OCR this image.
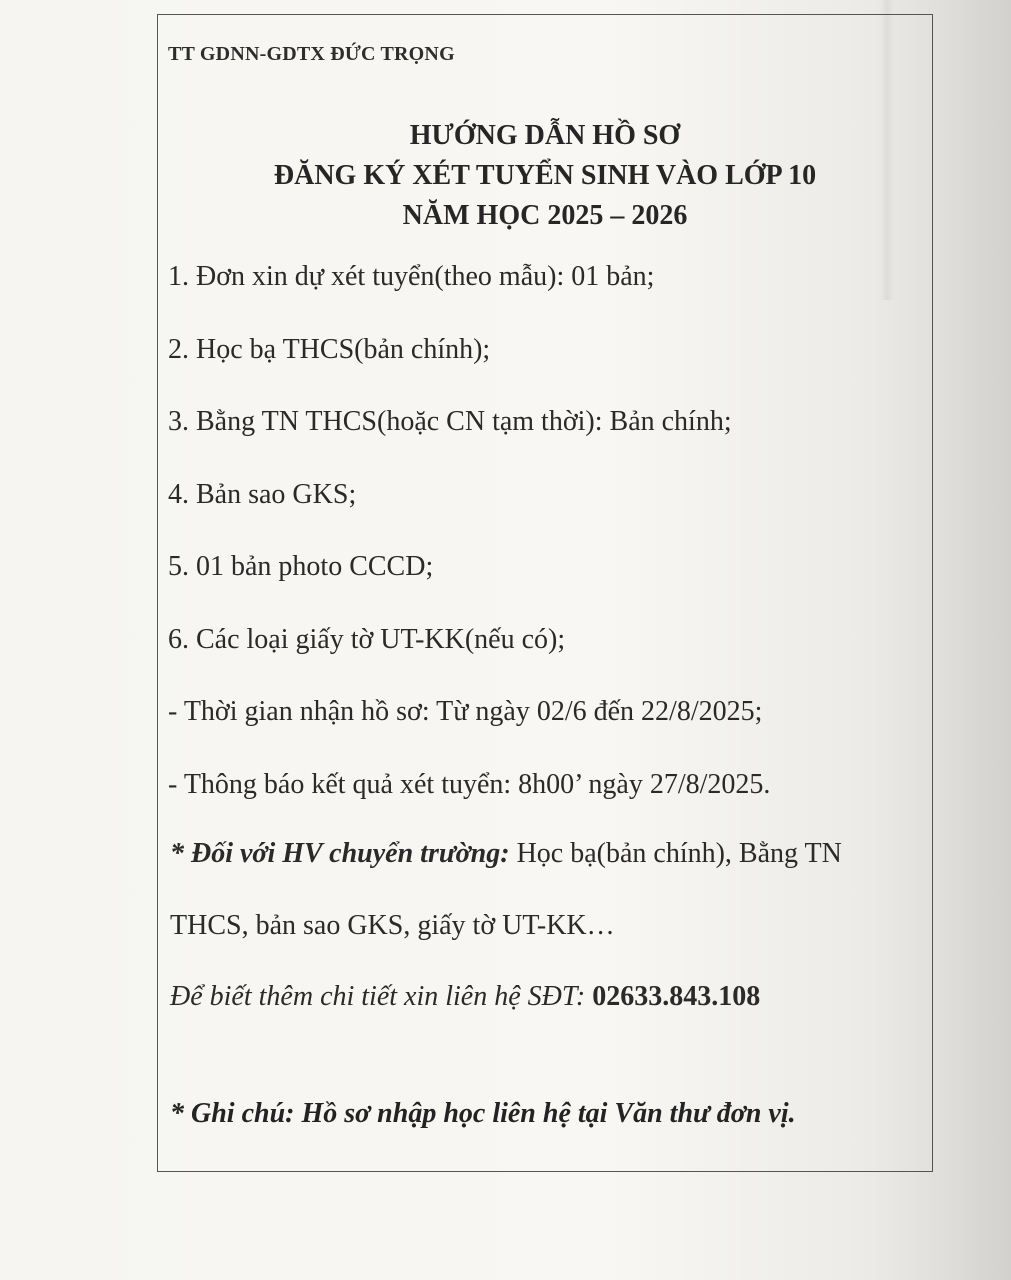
TT GDNN-GDTX ĐỨC TRỌNG
HƯỚNG DẪN HỒ SƠ
ĐĂNG KÝ XÉT TUYỂN SINH VÀO LỚP 10
NĂM HỌC 2025 – 2026
1. Đơn xin dự xét tuyển(theo mẫu): 01 bản;
2. Học bạ THCS(bản chính);
3. Bằng TN THCS(hoặc CN tạm thời): Bản chính;
4. Bản sao GKS;
5. 01 bản photo CCCD;
6. Các loại giấy tờ UT-KK(nếu có);
- Thời gian nhận hồ sơ: Từ ngày 02/6 đến 22/8/2025;
- Thông báo kết quả xét tuyển: 8h00’ ngày 27/8/2025.
* Đối với HV chuyển trường: Học bạ(bản chính), Bằng TN
THCS, bản sao GKS, giấy tờ UT-KK…
Để biết thêm chi tiết xin liên hệ SĐT: 02633.843.108
* Ghi chú: Hồ sơ nhập học liên hệ tại Văn thư đơn vị.
